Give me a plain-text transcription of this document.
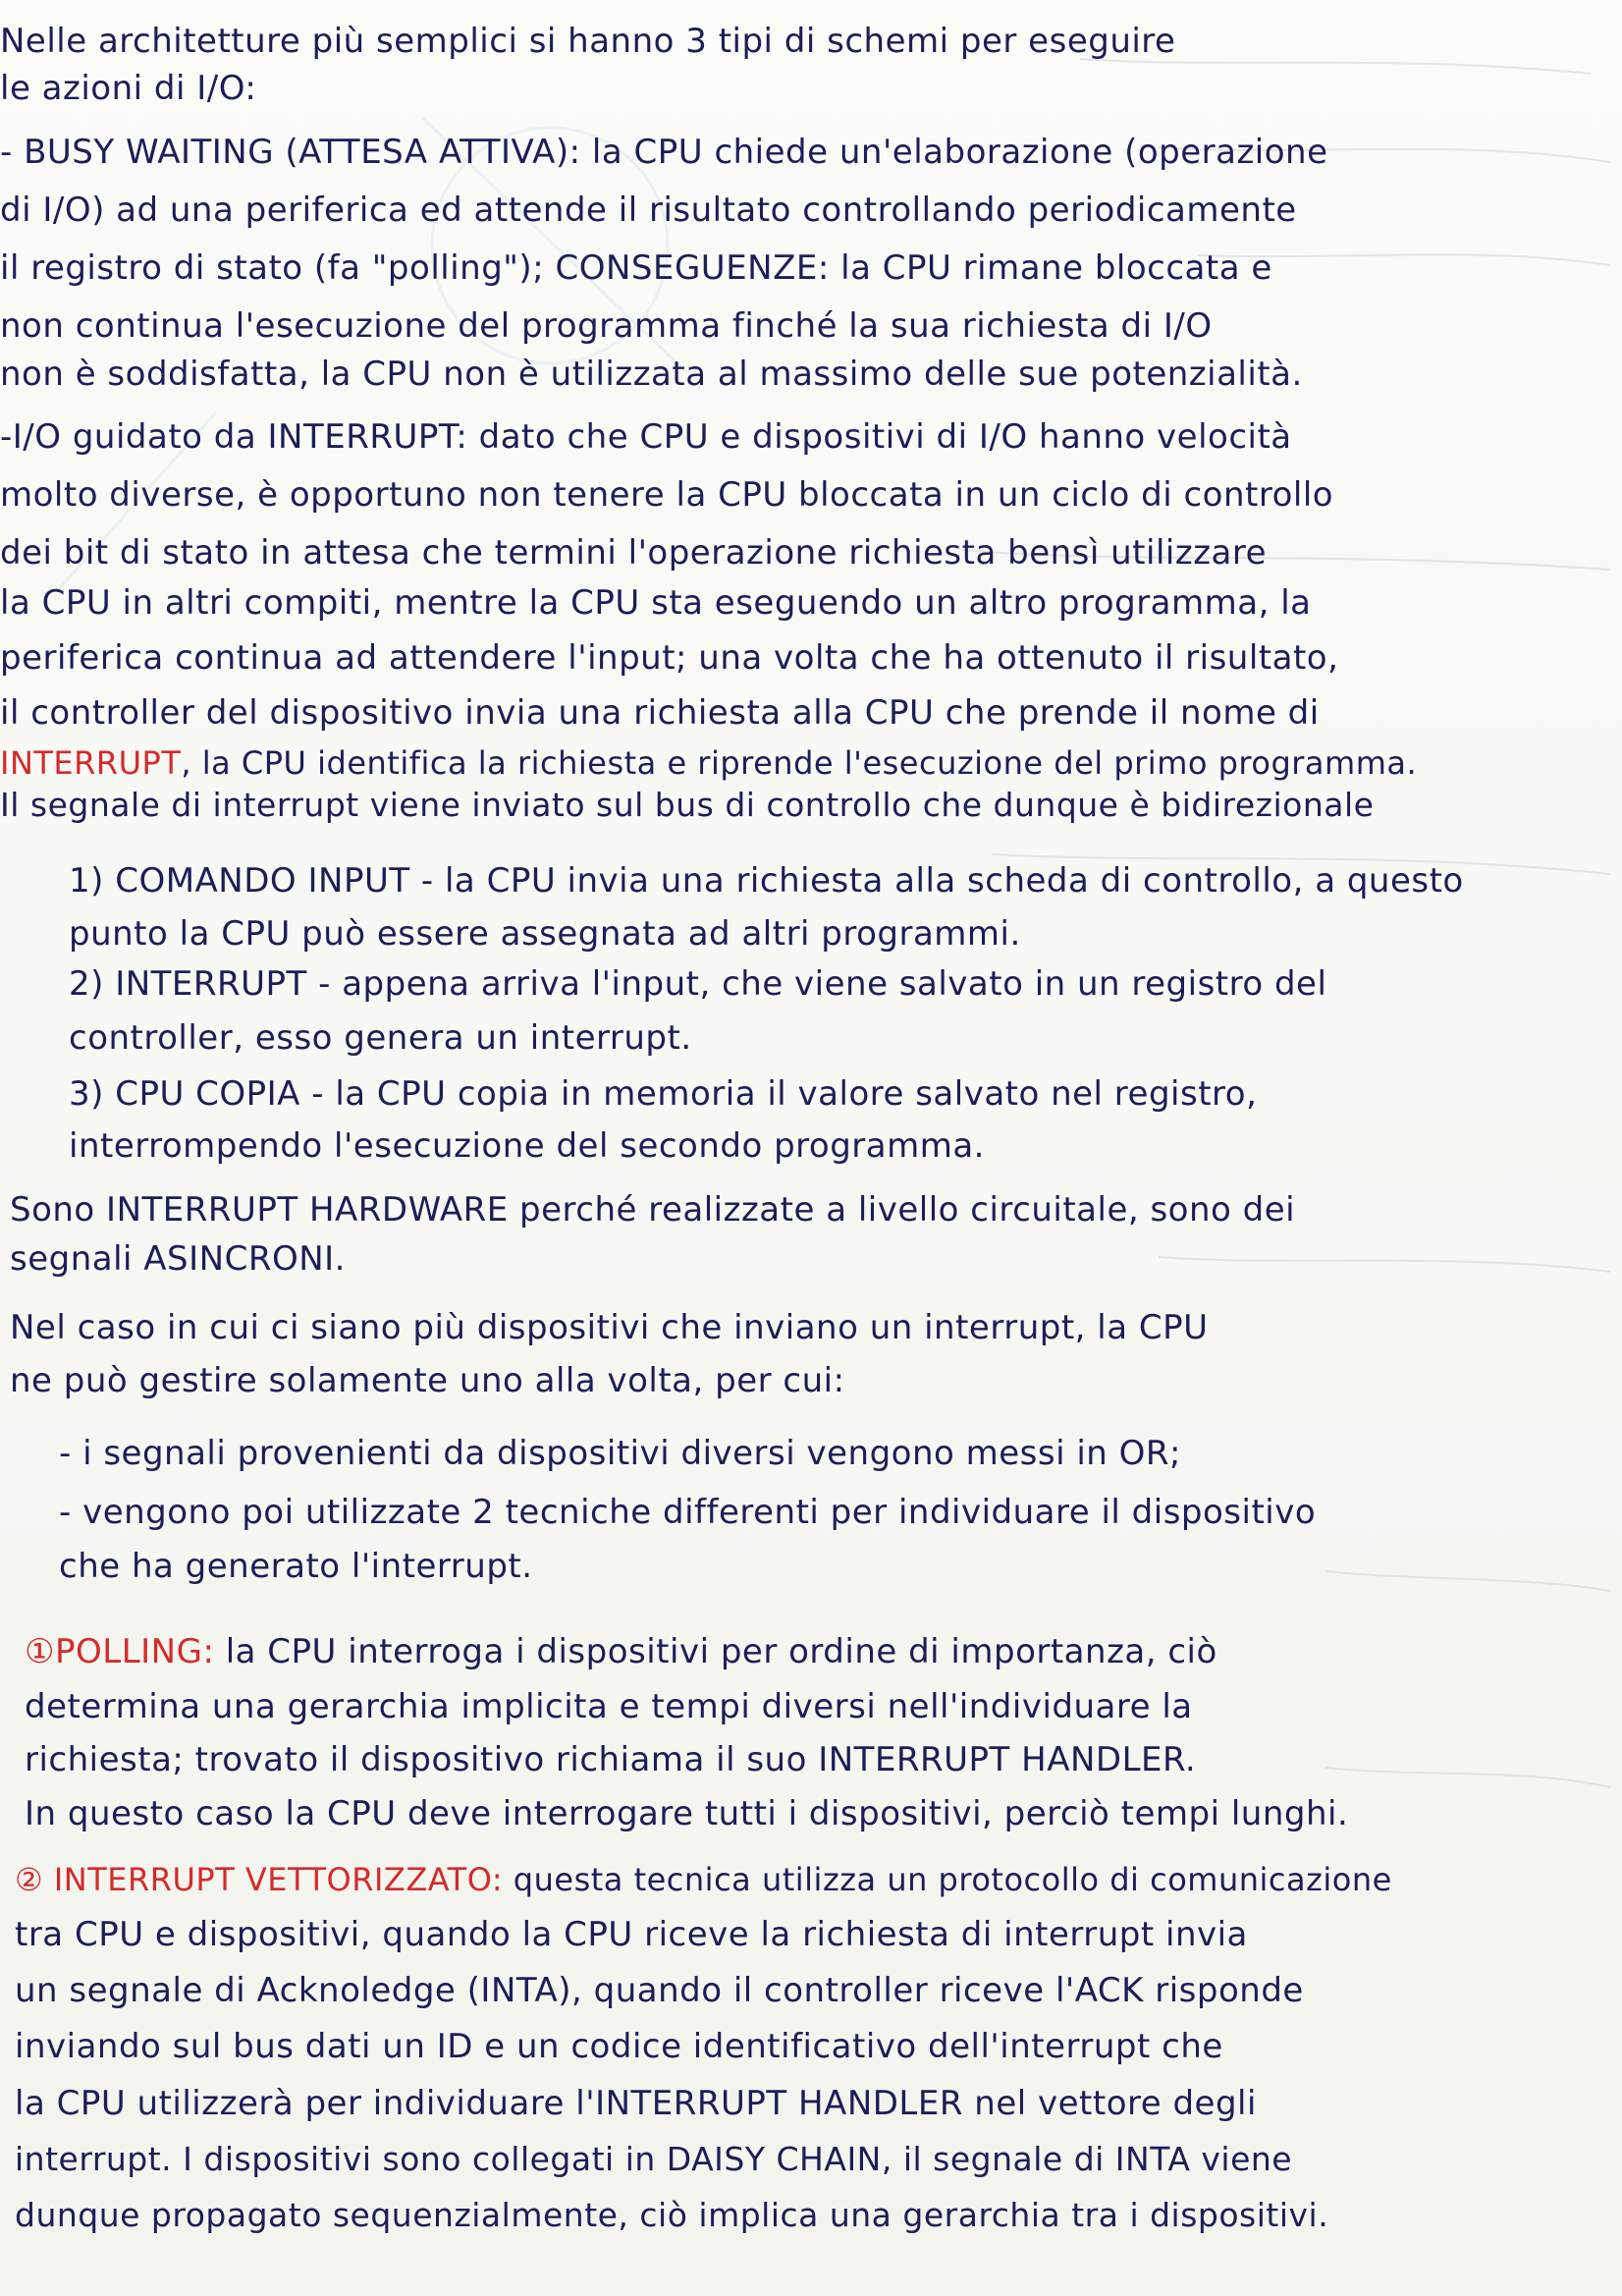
Nelle architetture più semplici si hanno 3 tipi di schemi per eseguire
le azioni di I/O:
- BUSY WAITING (ATTESA ATTIVA): la CPU chiede un'elaborazione (operazione
di I/O) ad una periferica ed attende il risultato controllando periodicamente
il registro di stato (fa "polling"); CONSEGUENZE: la CPU rimane bloccata e
non continua l'esecuzione del programma finché la sua richiesta di I/O
non è soddisfatta, la CPU non è utilizzata al massimo delle sue potenzialità.
-I/O guidato da INTERRUPT: dato che CPU e dispositivi di I/O hanno velocità
molto diverse, è opportuno non tenere la CPU bloccata in un ciclo di controllo
dei bit di stato in attesa che termini l'operazione richiesta bensì utilizzare
la CPU in altri compiti, mentre la CPU sta eseguendo un altro programma, la
periferica continua ad attendere l'input; una volta che ha ottenuto il risultato,
il controller del dispositivo invia una richiesta alla CPU che prende il nome di
INTERRUPT, la CPU identifica la richiesta e riprende l'esecuzione del primo programma.
Il segnale di interrupt viene inviato sul bus di controllo che dunque è bidirezionale
1) COMANDO INPUT - la CPU invia una richiesta alla scheda di controllo, a questo
punto la CPU può essere assegnata ad altri programmi.
2) INTERRUPT - appena arriva l'input, che viene salvato in un registro del
controller, esso genera un interrupt.
3) CPU COPIA - la CPU copia in memoria il valore salvato nel registro,
interrompendo l'esecuzione del secondo programma.
Sono INTERRUPT HARDWARE perché realizzate a livello circuitale, sono dei
segnali ASINCRONI.
Nel caso in cui ci siano più dispositivi che inviano un interrupt, la CPU
ne può gestire solamente uno alla volta, per cui:
- i segnali provenienti da dispositivi diversi vengono messi in OR;
- vengono poi utilizzate 2 tecniche differenti per individuare il dispositivo
che ha generato l'interrupt.
①POLLING:
la CPU interroga i dispositivi per ordine di importanza, ciò
determina una gerarchia implicita e tempi diversi nell'individuare la
richiesta; trovato il dispositivo richiama il suo INTERRUPT HANDLER.
In questo caso la CPU deve interrogare tutti i dispositivi, perciò tempi lunghi.
② INTERRUPT VETTORIZZATO:
questa tecnica utilizza un protocollo di comunicazione
tra CPU e dispositivi, quando la CPU riceve la richiesta di interrupt invia
un segnale di Acknoledge (INTA), quando il controller riceve l'ACK risponde
inviando sul bus dati un ID e un codice identificativo dell'interrupt che
la CPU utilizzerà per individuare l'INTERRUPT HANDLER nel vettore degli
interrupt. I dispositivi sono collegati in DAISY CHAIN, il segnale di INTA viene
dunque propagato sequenzialmente, ciò implica una gerarchia tra i dispositivi.
